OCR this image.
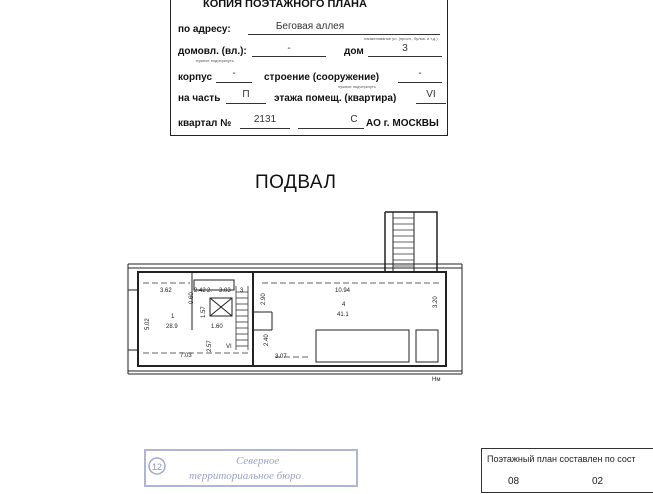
КОПИЯ ПОЭТАЖНОГО ПЛАНА
по адресу:	Беговая аллея
наименование ул. (просп., бульв. и т.д.)
домовл. (вл.):	-
нужное подчеркнуть
дом	3
корпус	-	строение (сооружение)	-
нужное подчеркнуть
на часть	П	этажа помещ. (квартира)	VI
квартал №	2131	С АО г. МОСКВЫ
ПОДВАЛ
3.62	2.42 2. 3.03
0.60
1.57
5.02
1
28.9	1.60
VI
2.57
7.03
2.90
10.94
4
41.1
3.20
2.40
3.07
3
Нм
12	Северное
территориальное бюро
Поэтажный план составлен по сост
08	02
